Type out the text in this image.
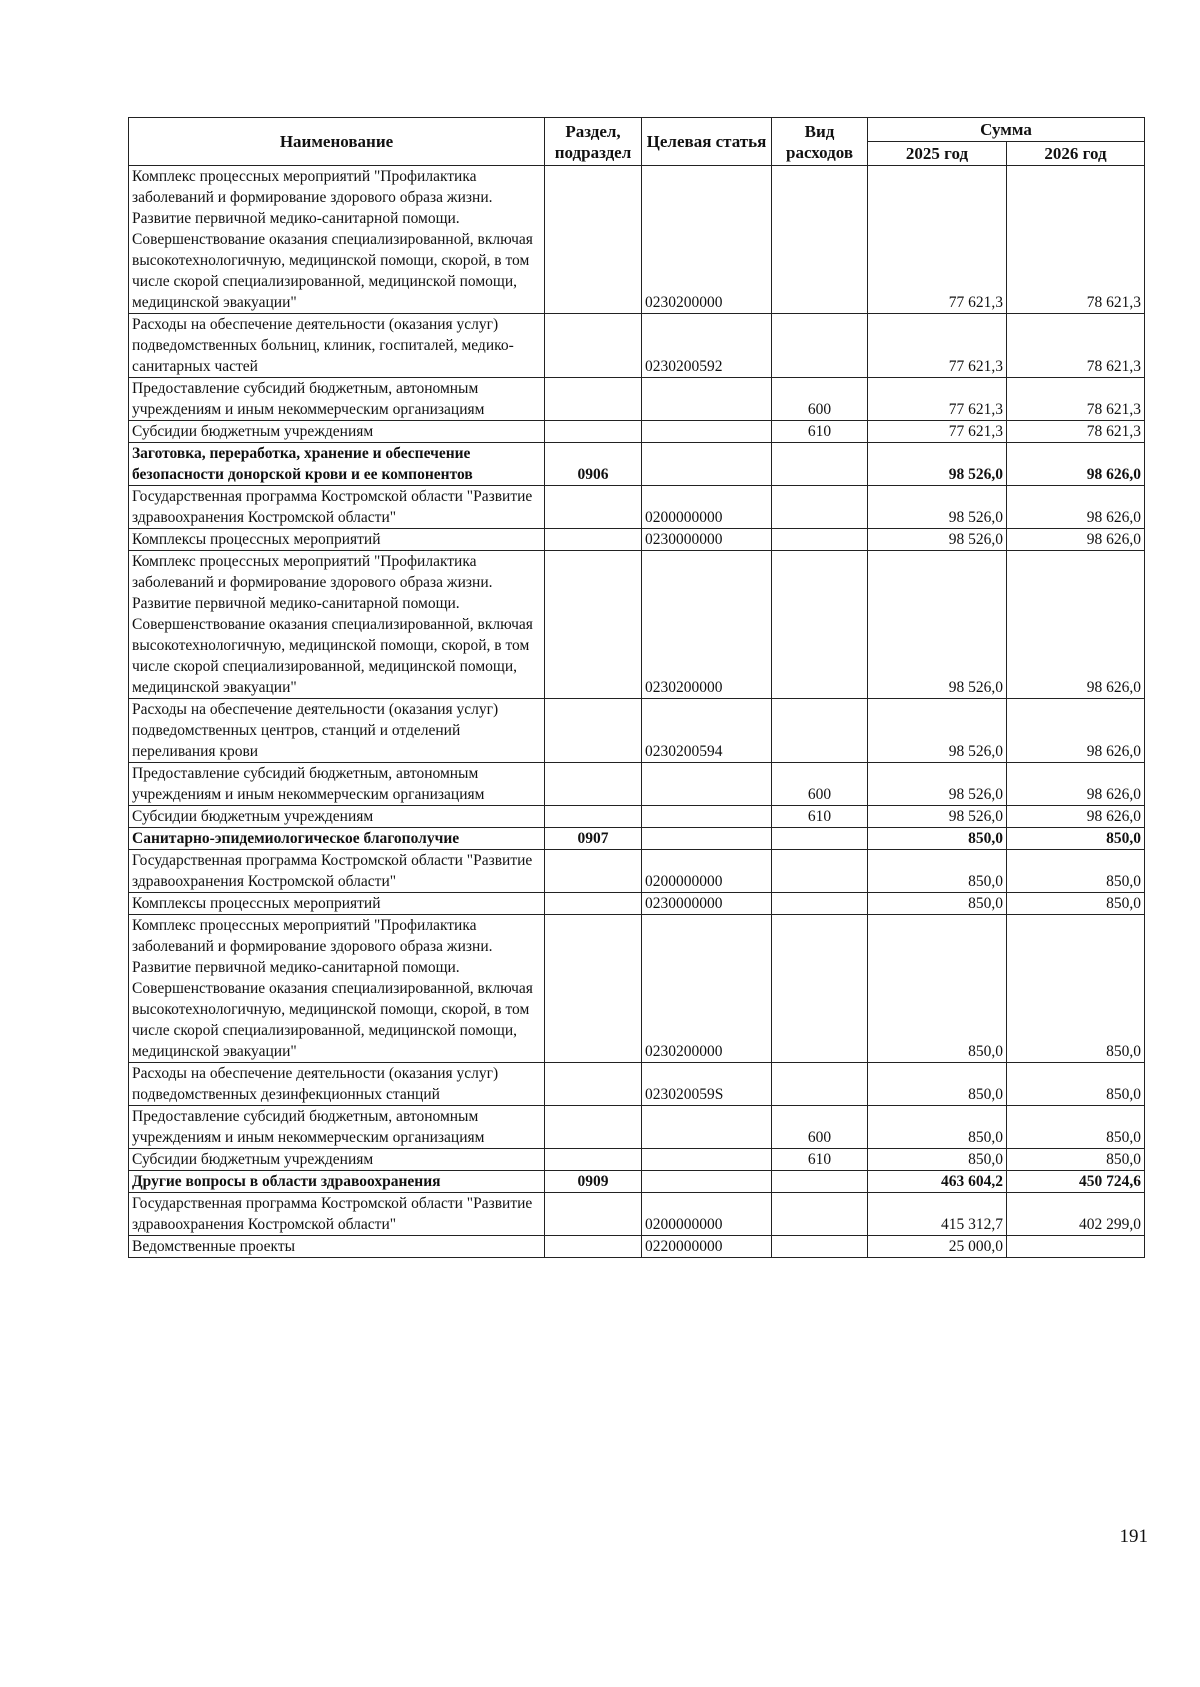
Наименование	Раздел, подраздел	Целевая статья	Вид расходов	Сумма	
				2025 год	2026 год
Комплекс процессных мероприятий "Профилактика заболеваний и формирование здорового образа жизни. Развитие первичной медико-санитарной помощи. Совершенствование оказания специализированной, включая высокотехнологичную, медицинской помощи, скорой, в том числе скорой специализированной, медицинской помощи, медицинской эвакуации"		0230200000		77 621,3	78 621,3
Расходы на обеспечение деятельности (оказания услуг) подведомственных больниц, клиник, госпиталей, медико-санитарных частей		0230200592		77 621,3	78 621,3
Предоставление субсидий бюджетным, автономным учреждениям и иным некоммерческим организациям			600	77 621,3	78 621,3
Субсидии бюджетным учреждениям			610	77 621,3	78 621,3
Заготовка, переработка, хранение и обеспечение безопасности донорской крови и ее компонентов	0906			98 526,0	98 626,0
Государственная программа Костромской области "Развитие здравоохранения Костромской области"		0200000000		98 526,0	98 626,0
Комплексы процессных мероприятий		0230000000		98 526,0	98 626,0
Комплекс процессных мероприятий "Профилактика заболеваний и формирование здорового образа жизни. Развитие первичной медико-санитарной помощи. Совершенствование оказания специализированной, включая высокотехнологичную, медицинской помощи, скорой, в том числе скорой специализированной, медицинской помощи, медицинской эвакуации"		0230200000		98 526,0	98 626,0
Расходы на обеспечение деятельности (оказания услуг) подведомственных центров, станций и отделений переливания крови		0230200594		98 526,0	98 626,0
Предоставление субсидий бюджетным, автономным учреждениям и иным некоммерческим организациям			600	98 526,0	98 626,0
Субсидии бюджетным учреждениям			610	98 526,0	98 626,0
Санитарно-эпидемиологическое благополучие	0907			850,0	850,0
Государственная программа Костромской области "Развитие здравоохранения Костромской области"		0200000000		850,0	850,0
Комплексы процессных мероприятий		0230000000		850,0	850,0
Комплекс процессных мероприятий "Профилактика заболеваний и формирование здорового образа жизни. Развитие первичной медико-санитарной помощи. Совершенствование оказания специализированной, включая высокотехнологичную, медицинской помощи, скорой, в том числе скорой специализированной, медицинской помощи, медицинской эвакуации"		0230200000		850,0	850,0
Расходы на обеспечение деятельности (оказания услуг) подведомственных дезинфекционных станций		023020059S		850,0	850,0
Предоставление субсидий бюджетным, автономным учреждениям и иным некоммерческим организациям			600	850,0	850,0
Субсидии бюджетным учреждениям			610	850,0	850,0
Другие вопросы в области здравоохранения	0909			463 604,2	450 724,6
Государственная программа Костромской области "Развитие здравоохранения Костромской области"		0200000000		415 312,7	402 299,0
Ведомственные проекты		0220000000		25 000,0	
191
